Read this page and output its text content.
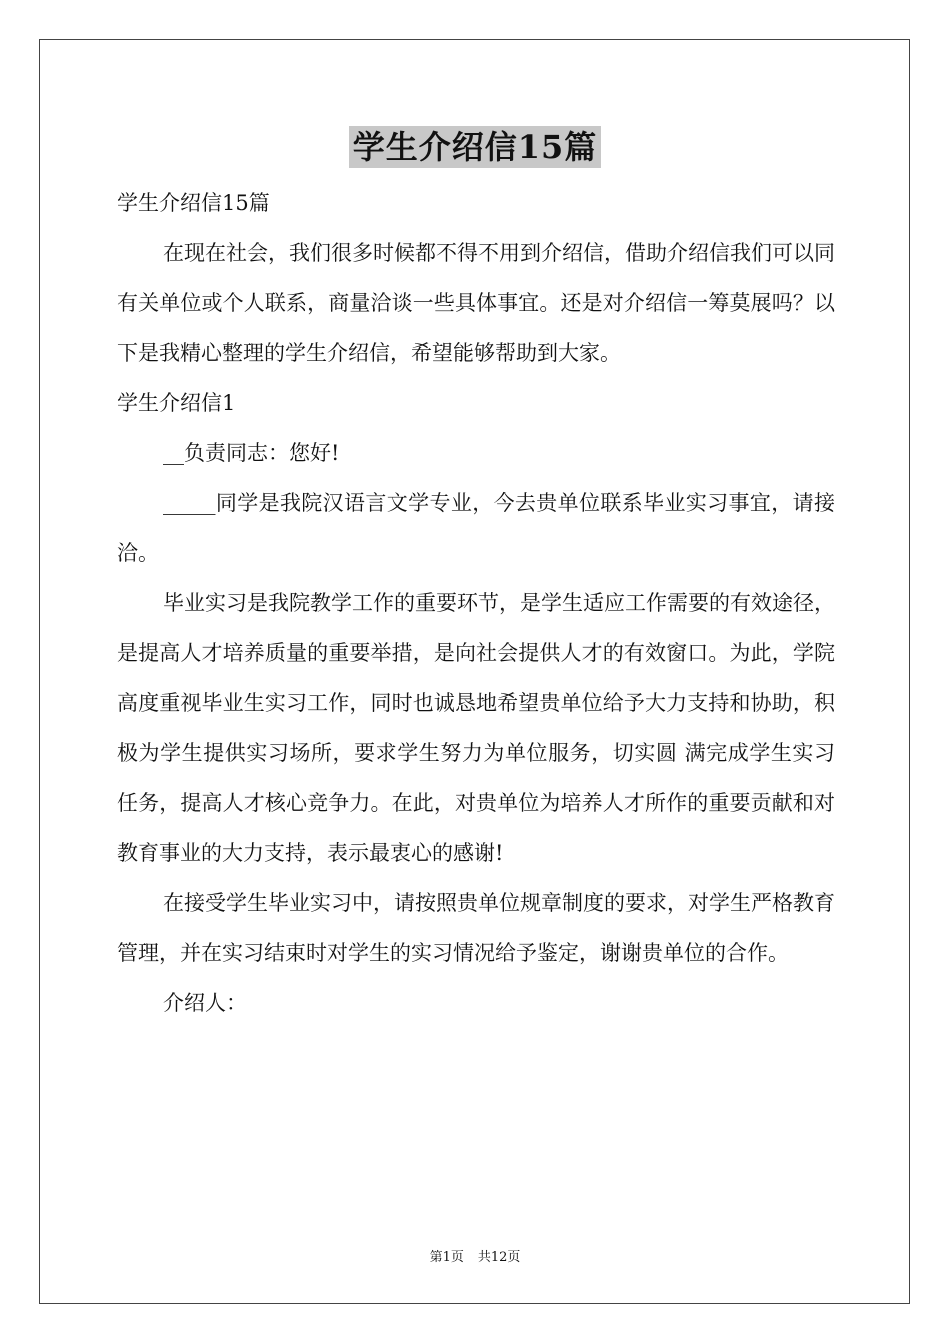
学生介绍信15篇

学生介绍信15篇

在现在社会，我们很多时候都不得不用到介绍信，借助介绍信我们可以同有关单位或个人联系，商量洽谈一些具体事宜。还是对介绍信一筹莫展吗？以下是我精心整理的学生介绍信，希望能够帮助到大家。

学生介绍信1

__负责同志：您好!

_____同学是我院汉语言文学专业，今去贵单位联系毕业实习事宜，请接洽。

毕业实习是我院教学工作的重要环节，是学生适应工作需要的有效途径，是提高人才培养质量的重要举措，是向社会提供人才的有效窗口。为此，学院高度重视毕业生实习工作，同时也诚恳地希望贵单位给予大力支持和协助，积极为学生提供实习场所，要求学生努力为单位服务，切实圆 满完成学生实习任务，提高人才核心竞争力。在此，对贵单位为培养人才所作的重要贡献和对教育事业的大力支持，表示最衷心的感谢!

在接受学生毕业实习中，请按照贵单位规章制度的要求，对学生严格教育管理，并在实习结束时对学生的实习情况给予鉴定，谢谢贵单位的合作。

介绍人：

第1页 共12页
